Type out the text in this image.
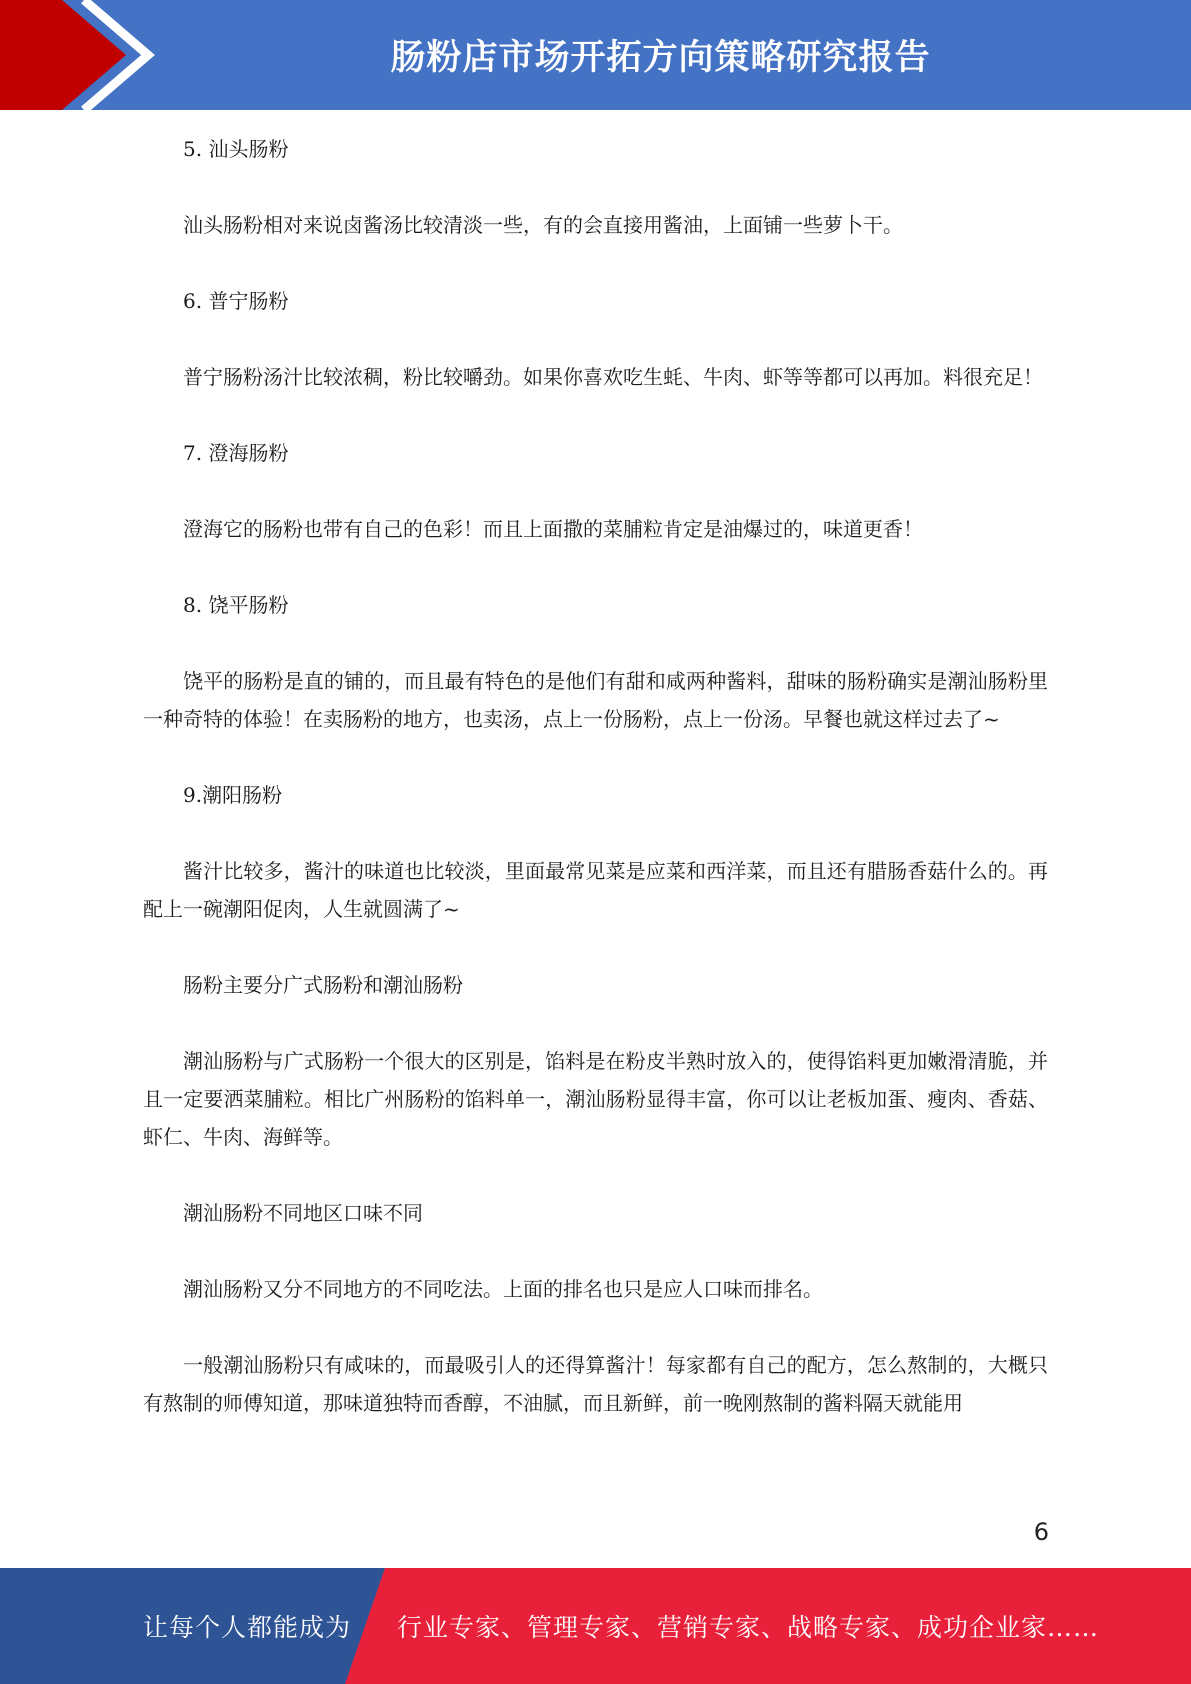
肠粉店市场开拓方向策略研究报告

5. 汕头肠粉

汕头肠粉相对来说卤酱汤比较清淡一些，有的会直接用酱油，上面铺一些萝卜干。

6. 普宁肠粉

普宁肠粉汤汁比较浓稠，粉比较嚼劲。如果你喜欢吃生蚝、牛肉、虾等等都可以再加。料很充足！

7. 澄海肠粉

澄海它的肠粉也带有自己的色彩！而且上面撒的菜脯粒肯定是油爆过的，味道更香！

8. 饶平肠粉

饶平的肠粉是直的铺的，而且最有特色的是他们有甜和咸两种酱料，甜味的肠粉确实是潮汕肠粉里一种奇特的体验！在卖肠粉的地方，也卖汤，点上一份肠粉，点上一份汤。早餐也就这样过去了~

9.潮阳肠粉

酱汁比较多，酱汁的味道也比较淡，里面最常见菜是应菜和西洋菜，而且还有腊肠香菇什么的。再配上一碗潮阳促肉，人生就圆满了~

肠粉主要分广式肠粉和潮汕肠粉

潮汕肠粉与广式肠粉一个很大的区别是，馅料是在粉皮半熟时放入的，使得馅料更加嫩滑清脆，并且一定要洒菜脯粒。相比广州肠粉的馅料单一，潮汕肠粉显得丰富，你可以让老板加蛋、瘦肉、香菇、虾仁、牛肉、海鲜等。

潮汕肠粉不同地区口味不同

潮汕肠粉又分不同地方的不同吃法。上面的排名也只是应人口味而排名。

一般潮汕肠粉只有咸味的，而最吸引人的还得算酱汁！每家都有自己的配方，怎么熬制的，大概只有熬制的师傅知道，那味道独特而香醇，不油腻，而且新鲜，前一晚刚熬制的酱料隔天就能用

6
让每个人都能成为 行业专家、管理专家、营销专家、战略专家、成功企业家……
